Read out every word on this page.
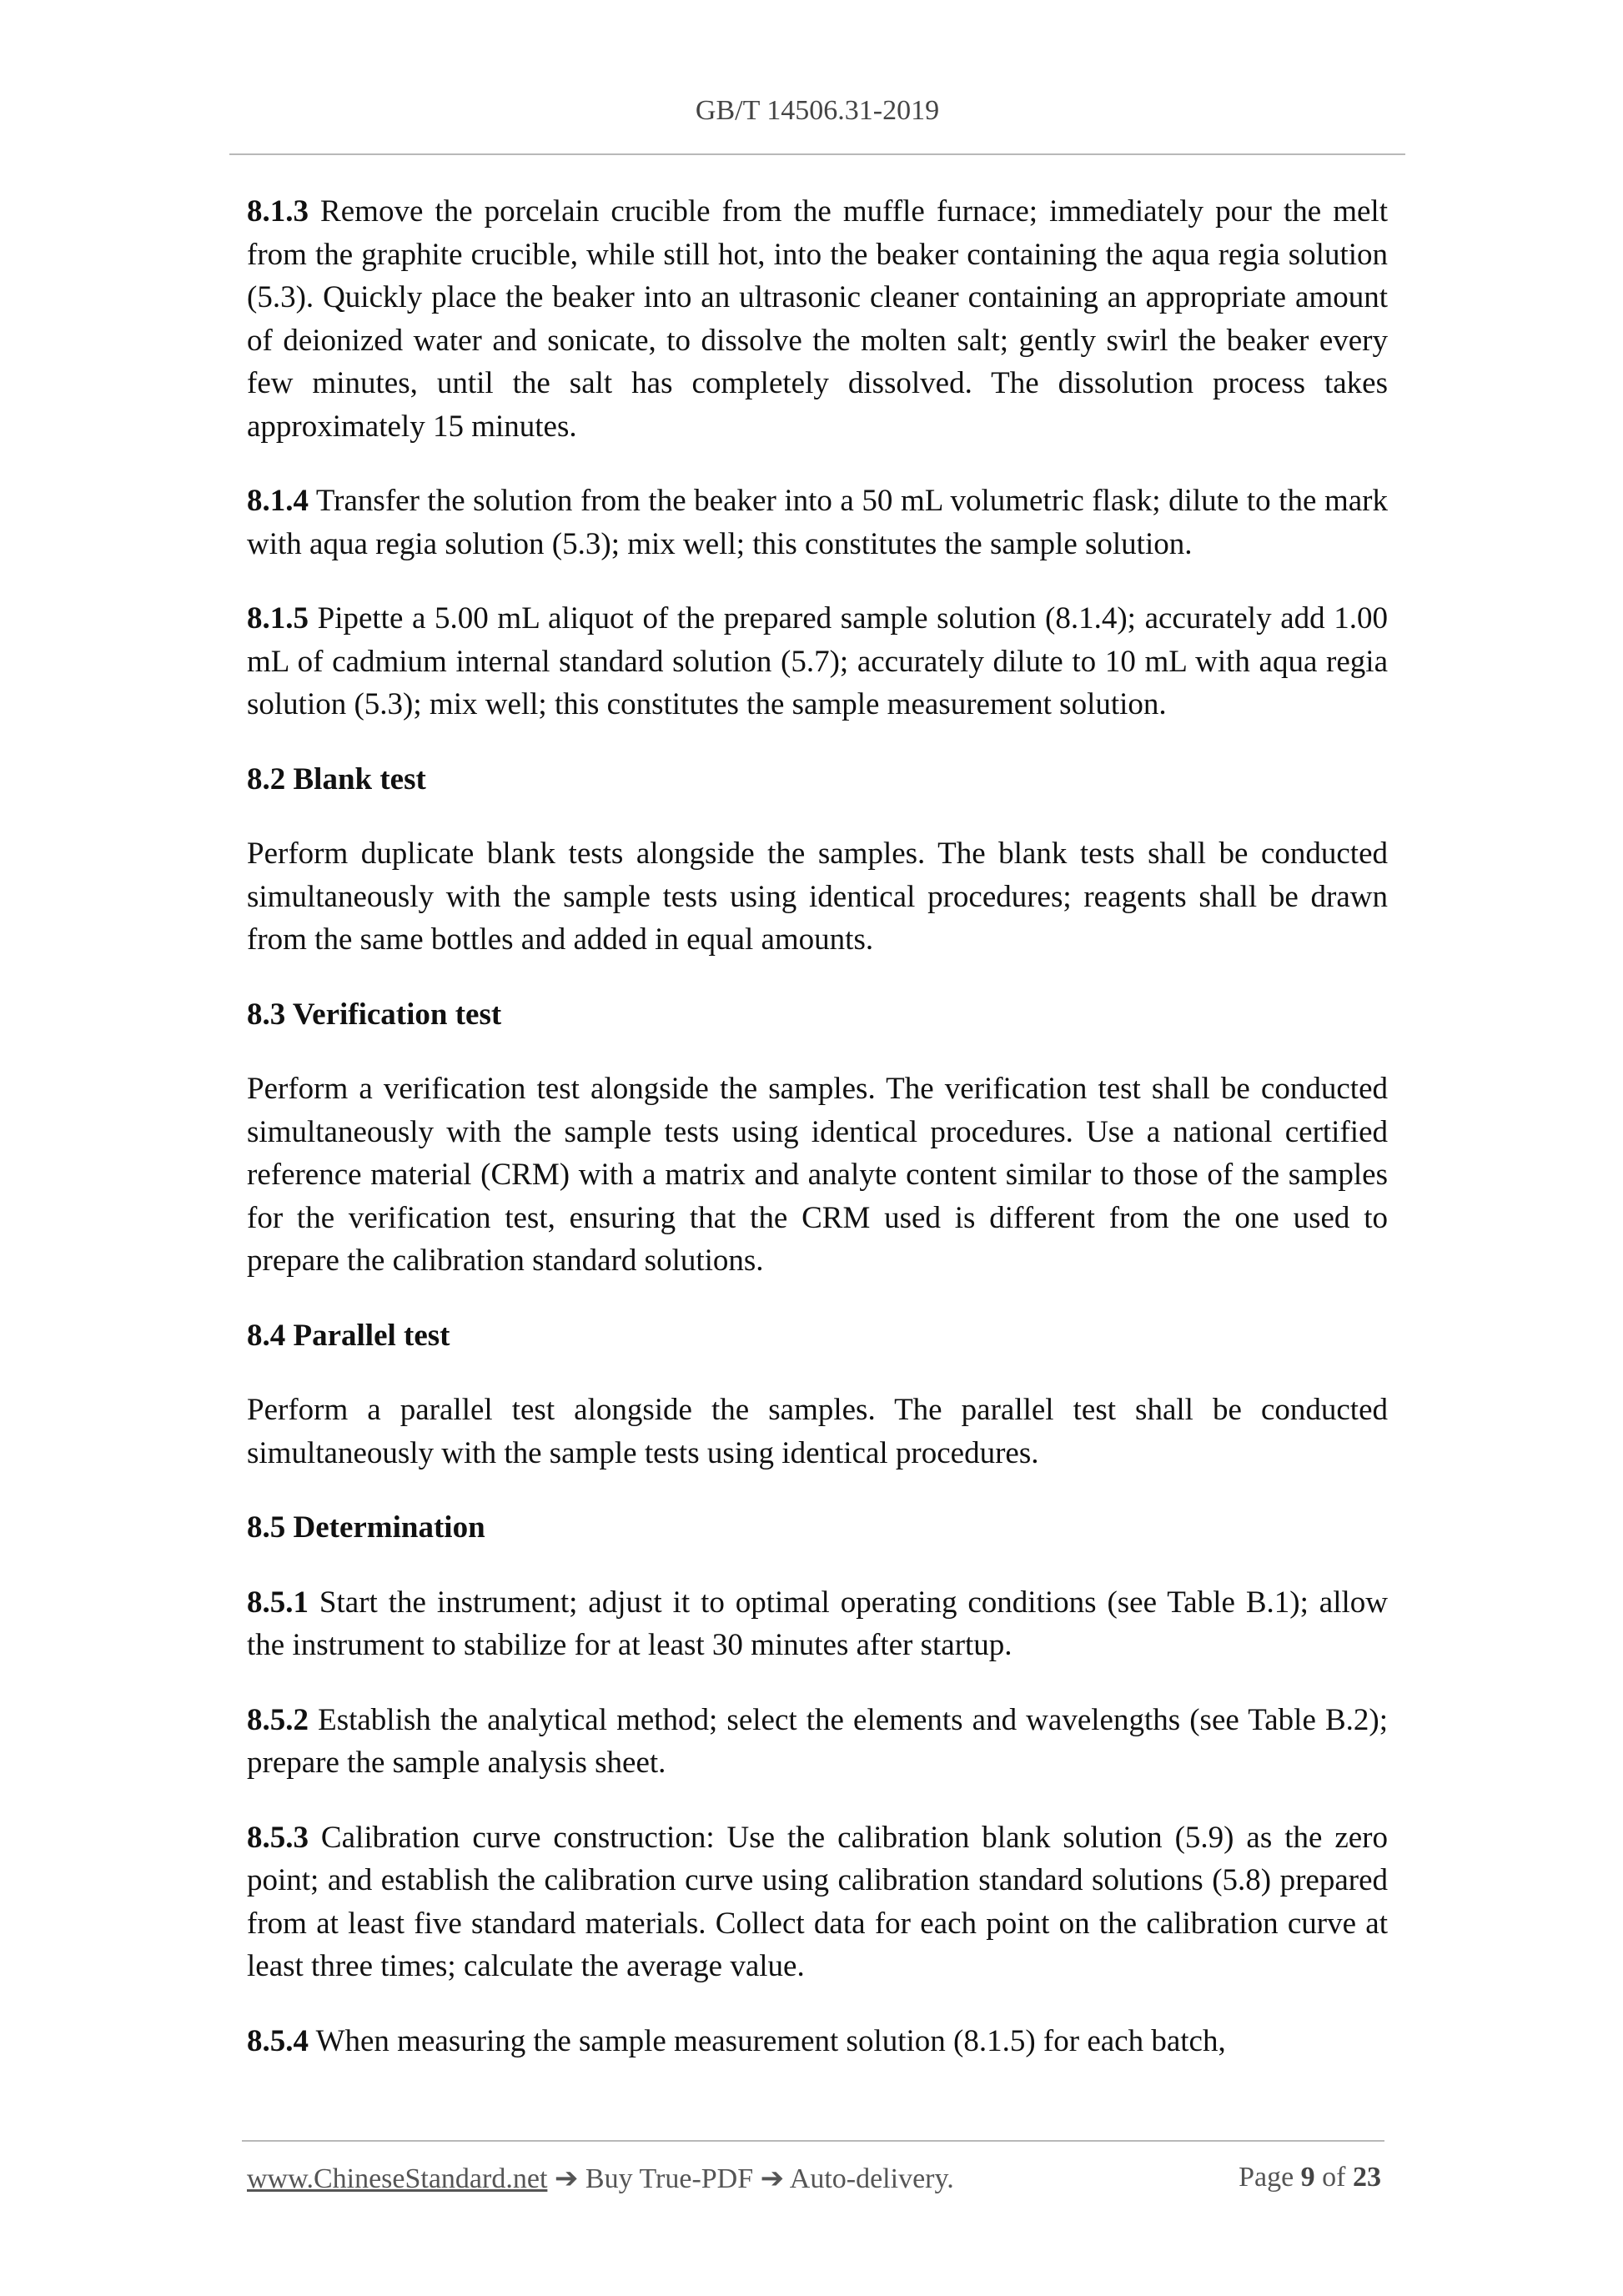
GB/T 14506.31-2019

8.1.3 Remove the porcelain crucible from the muffle furnace; immediately pour the melt from the graphite crucible, while still hot, into the beaker containing the aqua regia solution (5.3). Quickly place the beaker into an ultrasonic cleaner containing an appropriate amount of deionized water and sonicate, to dissolve the molten salt; gently swirl the beaker every few minutes, until the salt has completely dissolved. The dissolution process takes approximately 15 minutes.

8.1.4 Transfer the solution from the beaker into a 50 mL volumetric flask; dilute to the mark with aqua regia solution (5.3); mix well; this constitutes the sample solution.

8.1.5 Pipette a 5.00 mL aliquot of the prepared sample solution (8.1.4); accurately add 1.00 mL of cadmium internal standard solution (5.7); accurately dilute to 10 mL with aqua regia solution (5.3); mix well; this constitutes the sample measurement solution.

8.2 Blank test

Perform duplicate blank tests alongside the samples. The blank tests shall be conducted simultaneously with the sample tests using identical procedures; reagents shall be drawn from the same bottles and added in equal amounts.

8.3 Verification test

Perform a verification test alongside the samples. The verification test shall be conducted simultaneously with the sample tests using identical procedures. Use a national certified reference material (CRM) with a matrix and analyte content similar to those of the samples for the verification test, ensuring that the CRM used is different from the one used to prepare the calibration standard solutions.

8.4 Parallel test

Perform a parallel test alongside the samples. The parallel test shall be conducted simultaneously with the sample tests using identical procedures.

8.5 Determination

8.5.1 Start the instrument; adjust it to optimal operating conditions (see Table B.1); allow the instrument to stabilize for at least 30 minutes after startup.

8.5.2 Establish the analytical method; select the elements and wavelengths (see Table B.2); prepare the sample analysis sheet.

8.5.3 Calibration curve construction: Use the calibration blank solution (5.9) as the zero point; and establish the calibration curve using calibration standard solutions (5.8) prepared from at least five standard materials. Collect data for each point on the calibration curve at least three times; calculate the average value.

8.5.4 When measuring the sample measurement solution (8.1.5) for each batch,

www.ChineseStandard.net ➔ Buy True-PDF ➔ Auto-delivery.	Page 9 of 23
